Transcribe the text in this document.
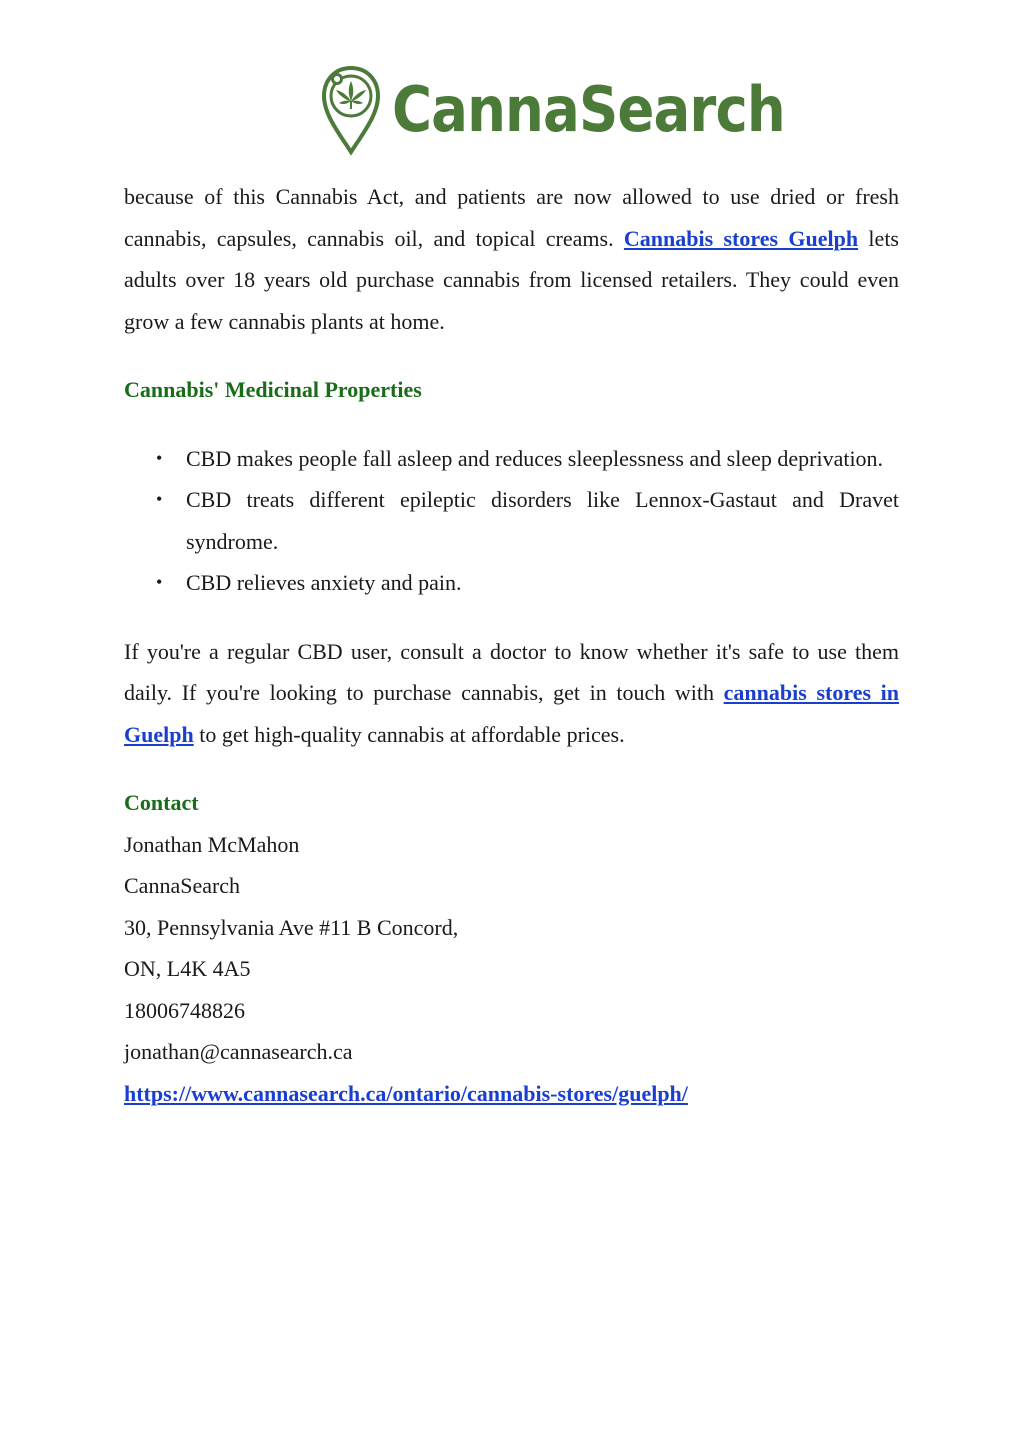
CannaSearch

because of this Cannabis Act, and patients are now allowed to use dried or fresh cannabis, capsules, cannabis oil, and topical creams. Cannabis stores Guelph lets adults over 18 years old purchase cannabis from licensed retailers. They could even grow a few cannabis plants at home.

Cannabis' Medicinal Properties
• CBD makes people fall asleep and reduces sleeplessness and sleep deprivation.
• CBD treats different epileptic disorders like Lennox-Gastaut and Dravet syndrome.
• CBD relieves anxiety and pain.

If you're a regular CBD user, consult a doctor to know whether it's safe to use them daily. If you're looking to purchase cannabis, get in touch with cannabis stores in Guelph to get high-quality cannabis at affordable prices.

Contact

Jonathan McMahon

CannaSearch

30, Pennsylvania Ave #11 B Concord,

ON, L4K 4A5

18006748826

jonathan@cannasearch.ca

https://www.cannasearch.ca/ontario/cannabis-stores/guelph/
